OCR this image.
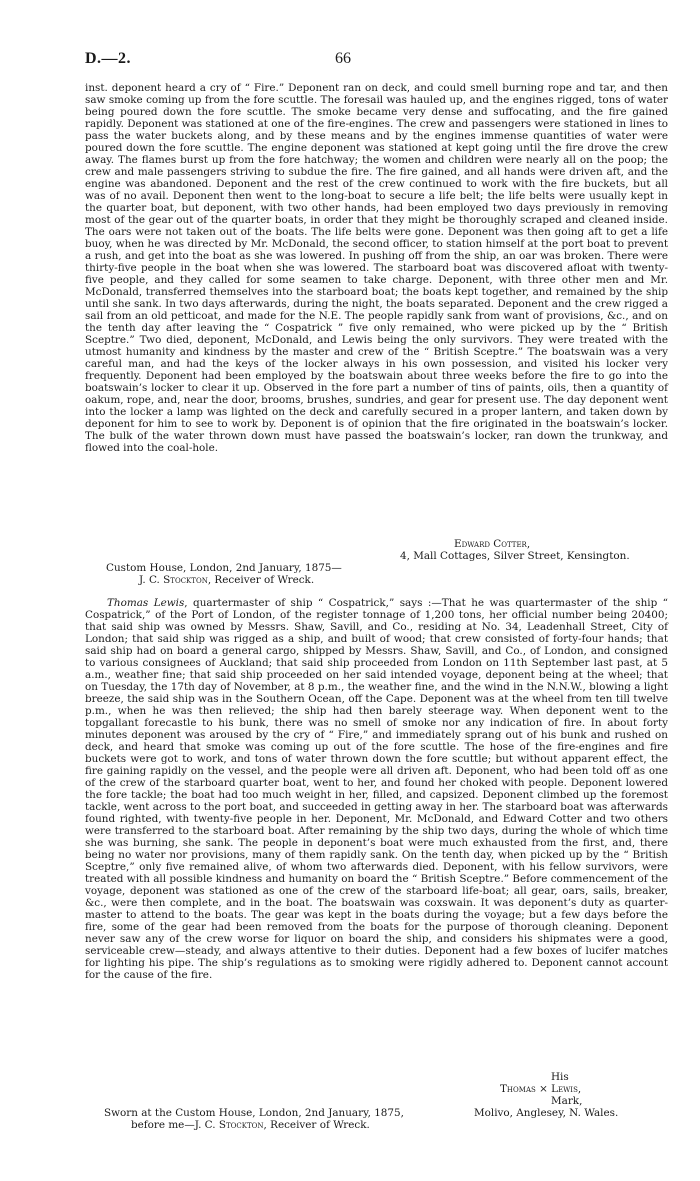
D.—2.	66
inst. deponent heard a cry of “ Fire.” Deponent ran on deck, and could smell burning rope and tar, and then saw smoke coming up from the fore scuttle. The foresail was hauled up, and the engines rigged, tons of water being poured down the fore scuttle. The smoke became very dense and suffocating, and the fire gained rapidly. Deponent was stationed at one of the fire-engines. The crew and passengers were stationed in lines to pass the water buckets along, and by these means and by the engines immense quantities of water were poured down the fore scuttle. The engine deponent was stationed at kept going until the fire drove the crew away. The flames burst up from the fore hatchway; the women and children were nearly all on the poop; the crew and male passengers striving to subdue the fire. The fire gained, and all hands were driven aft, and the engine was abandoned. Deponent and the rest of the crew continued to work with the fire buckets, but all was of no avail. Deponent then went to the long-boat to secure a life belt; the life belts were usually kept in the quarter boat, but deponent, with two other hands, had been employed two days previously in removing most of the gear out of the quarter boats, in order that they might be thoroughly scraped and cleaned inside. The oars were not taken out of the boats. The life belts were gone. Deponent was then going aft to get a life buoy, when he was directed by Mr. McDonald, the second officer, to station himself at the port boat to prevent a rush, and get into the boat as she was lowered. In pushing off from the ship, an oar was broken. There were thirty-five people in the boat when she was lowered. The starboard boat was discovered afloat with twenty-five people, and they called for some seamen to take charge. Deponent, with three other men and Mr. McDonald, transferred themselves into the starboard boat; the boats kept together, and remained by the ship until she sank. In two days afterwards, during the night, the boats separated. Deponent and the crew rigged a sail from an old petticoat, and made for the N.E. The people rapidly sank from want of provisions, &c., and on the tenth day after leaving the “ Cospatrick ” five only remained, who were picked up by the “ British Sceptre.” Two died, deponent, McDonald, and Lewis being the only survivors. They were treated with the utmost humanity and kindness by the master and crew of the “ British Sceptre.” The boatswain was a very careful man, and had the keys of the locker always in his own possession, and visited his locker very frequently. Deponent had been employed by the boatswain about three weeks before the fire to go into the boatswain’s locker to clear it up. Observed in the fore part a number of tins of paints, oils, then a quantity of oakum, rope, and, near the door, brooms, brushes, sundries, and gear for present use. The day deponent went into the locker a lamp was lighted on the deck and carefully secured in a proper lantern, and taken down by deponent for him to see to work by. Deponent is of opinion that the fire originated in the boatswain’s locker. The bulk of the water thrown down must have passed the boatswain’s locker, ran down the trunkway, and flowed into the coal-hole.
Edward Cotter,
4, Mall Cottages, Silver Street, Kensington.
Custom House, London, 2nd January, 1875—
J. C. Stockton, Receiver of Wreck.
Thomas Lewis, quartermaster of ship “ Cospatrick,” says :—That he was quartermaster of the ship “ Cospatrick,” of the Port of London, of the register tonnage of 1,200 tons, her official number being 20400; that said ship was owned by Messrs. Shaw, Savill, and Co., residing at No. 34, Leadenhall Street, City of London; that said ship was rigged as a ship, and built of wood; that crew consisted of forty-four hands; that said ship had on board a general cargo, shipped by Messrs. Shaw, Savill, and Co., of London, and consigned to various consignees of Auckland; that said ship proceeded from London on 11th September last past, at 5 a.m., weather fine; that said ship proceeded on her said intended voyage, deponent being at the wheel; that on Tuesday, the 17th day of November, at 8 p.m., the weather fine, and the wind in the N.N.W., blowing a light breeze, the said ship was in the Southern Ocean, off the Cape. Deponent was at the wheel from ten till twelve p.m., when he was then relieved; the ship had then barely steerage way. When deponent went to the topgallant forecastle to his bunk, there was no smell of smoke nor any indication of fire. In about forty minutes deponent was aroused by the cry of “ Fire,” and immediately sprang out of his bunk and rushed on deck, and heard that smoke was coming up out of the fore scuttle. The hose of the fire-engines and fire buckets were got to work, and tons of water thrown down the fore scuttle; but without apparent effect, the fire gaining rapidly on the vessel, and the people were all driven aft. Deponent, who had been told off as one of the crew of the starboard quarter boat, went to her, and found her choked with people. Deponent lowered the fore tackle; the boat had too much weight in her, filled, and capsized. Deponent climbed up the foremost tackle, went across to the port boat, and succeeded in getting away in her. The starboard boat was afterwards found righted, with twenty-five people in her. Deponent, Mr. McDonald, and Edward Cotter and two others were transferred to the starboard boat. After remaining by the ship two days, during the whole of which time she was burning, she sank. The people in deponent’s boat were much exhausted from the first, and, there being no water nor provisions, many of them rapidly sank. On the tenth day, when picked up by the “ British Sceptre,” only five remained alive, of whom two afterwards died. Deponent, with his fellow survivors, were treated with all possible kindness and humanity on board the “ British Sceptre.” Before commencement of the voyage, deponent was stationed as one of the crew of the starboard life-boat; all gear, oars, sails, breaker, &c., were then complete, and in the boat. The boatswain was coxswain. It was deponent’s duty as quarter-master to attend to the boats. The gear was kept in the boats during the voyage; but a few days before the fire, some of the gear had been removed from the boats for the purpose of thorough cleaning. Deponent never saw any of the crew worse for liquor on board the ship, and considers his shipmates were a good, serviceable crew—steady, and always attentive to their duties. Deponent had a few boxes of lucifer matches for lighting his pipe. The ship’s regulations as to smoking were rigidly adhered to. Deponent cannot account for the cause of the fire.
His
Thomas × Lewis,
Mark,
Molivo, Anglesey, N. Wales.
Sworn at the Custom House, London, 2nd January, 1875,
before me—J. C. Stockton, Receiver of Wreck.
